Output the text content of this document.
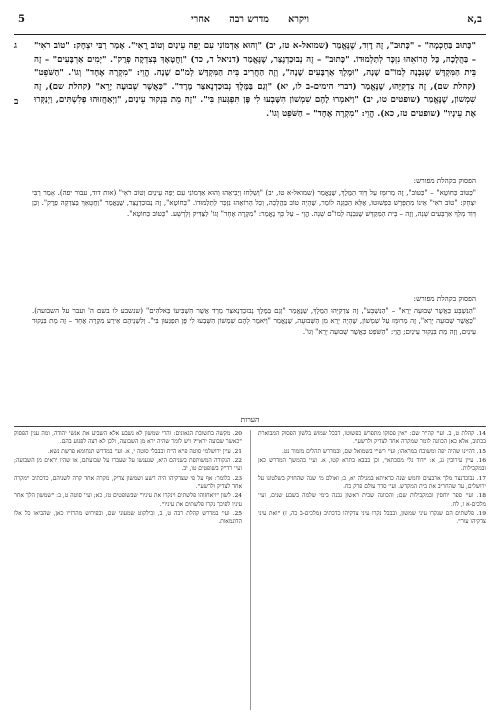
5	ויקרא מדרש רבה אחרי	ב,א
ג
ב
"כָּתוּב בַּחָכְמָה" - "כָּתוּב", זֶה דָוִד, שֶׁנֶּאֱמַר (שמואל-א טז, יב) "וְהוּא אַדְמוֹנִי עִם יְפֵה עֵינַיִם וְטוֹב רֳאִי". אָמַר רַבִּי יִצְחָק: "טוֹב רֹאִי" – בַּהֲלָכָה, כָּל הָרוֹאֵהוּ נִזְכָּר לְתַלְמוּדוֹ. "כָּתוּב" – זֶה נְבוּכַדְנֶצַּר, שֶׁנֶּאֱמַר (דניאל ד, כד) "וַחֲטָאָךְ בְּצִדְקָה פְרֻק". "יָמִים אַרְבָּעִים" – זֶה בֵּית הַמִּקְדָּשׁ שֶׁנִּבְנָה לְמוֹ"ם שָׁנָה, "וּמֶלֶךְ אַרְבָּעִים שָׁנָה", וְזֶה הַחֲרִיב בֵּית הַמִּקְדָּשׁ לְמ"ם שָׁנָה. הֱוֵי: "מִקְרֶה אֶחָד" וְגוֹ'. "הַשֹּׁפֵט" (קהלת שם), זֶה צִדְקִיָּהוּ, שֶׁנֶּאֱמַר (דברי הימים-ב לו, יא) "וְגַם בַּמֶּלֶךְ נְבוּכַדְנֶאצַּר מָרָד". "כַּאֲשֶׁר שְׁבוּעָה יָרֵא" (קהלת שם), זֶה שִׁמְשׁוֹן, שֶׁנֶּאֱמַר (שופטים טו, יב) "וַיֹּאמְרוּ לָהֶם שִׁמְשׁוֹן הִשָּׁבְעוּ לִי פֶּן תִּפְגְּעוּן בִּי". "זֶה מֵת בִּנְקוּר עֵינַיִם, "וַיְאַחֲזוּהוּ פְלִשְׁתִּים, וַיְנַקְּרוּ אֶת עֵינָיו" (שופטים טז, כא). הֱוֵי: "מִקְרֶה אֶחָד" – הַשֹּׁפֵט וְגוֹ'.
הפסוק בקהלת מפורש:
"כַּטּוֹב כַּחוֹטֶא" – "כַּטּוֹב", זֶה מְרוּמָּז עַל דָּוִד הַמֶּלֶךְ, שֶׁנֶּאֱמַר (שמואל-א טז, יב) "וְשִׁלְחוּ וַיְבִיאֵהוּ וְהוּא אַדְמוֹנִי עִם יְפֵה עֵינַיִם וְטוֹב רֹאִי" (אות דוד, עבור יפה). אָמַר רַבִּי יִצְחָק: "טוֹב רֹאִי" אֵינוֹ מִתְפָּרֵשׁ כִּפְשׁוּטוֹ, אֶלָּא הַכַּוָּנָה לוֹמַר, שֶׁהָיָה טוֹב בַּהֲלָכָה, וְכָל הָרוֹאֵהוּ נִזְכָּר לְתַלְמוּדוֹ. "כַּחוֹטֶא", זֶה נְבוּכַדְנֶצַּר, שֶׁנֶּאֱמַר "וַחֲטָאָךְ בְּצִדְקָה פְרֻק". וְכֵן דָּוִד מָלַךְ אַרְבָּעִים שָׁנָה, וְזֶה – בֵּית הַמִּקְדָּשׁ שֶׁנִּבְנָה לְמוֹ"ם שָׁנָה. הֱוֵי – עַל כָּךְ נֶאֱמַר: "מִקְרֶה אֶחָד" וְגוֹ' לַצַּדִּיק וְלָרָשָׁע. "כַּטּוֹב כַּחוֹטֶא".
הפסוק בקהלת מפורש:
"הַנִּשְׁבָּע כַּאֲשֶׁר שְׁבוּעָה יָרֵא" – "הַנִּשְׁבָּע", זֶה צִדְקִיָּהוּ הַמֶּלֶךְ, שֶׁנֶּאֱמַר "וְגַם בַּמֶּלֶךְ נְבוּכַדְנֶאצַּר מָרָד אֲשֶׁר הִשְׁבִּיעוֹ בֵּאלֹהִים" (שנשבע לו בשם ה' ועבר על השבועה). "כַּאֲשֶׁר שְׁבוּעָה יָרֵא", זֶה מְרוּמָּז עַל שִׁמְשׁוֹן, שֶׁהָיָה יָרֵא מִן הַשְּׁבוּעָה, שֶׁנֶּאֱמַר "וַיֹּאמֶר לָהֶם שִׁמְשׁוֹן הִשָּׁבְעוּ לִי פֶּן תִּפְגְּעוּן בִּי". וְלִשְׁנֵיהֶם אֵירַע מִקְרֶה אֶחָד – זֶה מֵת בִּנְקוּר עֵינַיִם, וְזֶה מֵת בִּנְקוּר עֵינַיִם; הֱוֵי: "הַשֹּׁפֵט כַּאֲשֶׁר שְׁבוּעָה יָרֵא" וְגוֹ'.
הערות

14. קהלת ט, ב. ועי' קה"ר שם: "אין פסוקו מתפרש כפשוטו, דבכל שמוש בלשון הפסוק המבוארת בכתוב, אלא כאן הכוונה לומר שמקרה אחד לצדיק ולרשע".

15. דהיינו שהיה יפה ומשובח במראהו; ועי' רש"י בשמואל שם, ובמדרש תהלים מזמור נט.

16. עיין עירובין נג, א: "דוד גלי מסכתא", וכן בבבא בתרא קטו, א. ועי' בהמשך המדרש כאן ובמקבילות.

17. נבוכדנצר מלך ארבעים וחמש שנה כדאיתא במגילה יא, ב; ואולם מ' שנה שהחזיק בשלטונו על ירושלים, עד שהחריב את בית המקדש. ועי' סדר עולם פרק כח.

18. ועי' ספר יוחסין ובמקבילות שם; והכוונה שבית ראשון נבנה בימי שלמה בשבע שנים, ועי' מלכים-א ו, לח.

19. פלשתים הם שנקרו עיני שמשון, ובבבל נקרו עיני צדקיהו כדכתיב (מלכים-ב כה, ז) "ואת עיני צדקיהו עור".

20. מקשה בתשובת הגאונים: והרי שמשון לא נשבע אלא השביע את אנשי יהודה, ומה ענין הפסוק "כאשר שבועה ירא"? ויש לומר שהיה ירא מן השבועה, ולכן לא רצה לפגוע בהם.

21. עיין ירושלמי סוטה פ"א ה"ח ובבבלי סוטה י, א. ועי' במדרש תנחומא פרשת נשא.

22. הנקודה המשותפת בשניהם היא, שנענשו על שעברו על שבועתם, או שהיו יראים מן השבועה; ועי' רד"ק בשופטים טו, יב.

23. כלומר: אף על פי שצדקיהו היה רשע ושמשון צדיק, מקרה אחד קרה לשניהם, כדכתיב "מקרה אחד לצדיק ולרשע".

24. לשון "ויאחזוהו פלשתים וינקרו את עיניו" שבשופטים טז, כא; ועי' סוטה ט, ב: "שמשון הלך אחר עיניו לפיכך נקרו פלשתים את עיניו".

25. ועי' במדרש קהלת רבה ט, ב, ובילקוט שמעוני שם, ובפירוש מהרז"ו כאן, שהביאו כל אלו הדוגמאות.
